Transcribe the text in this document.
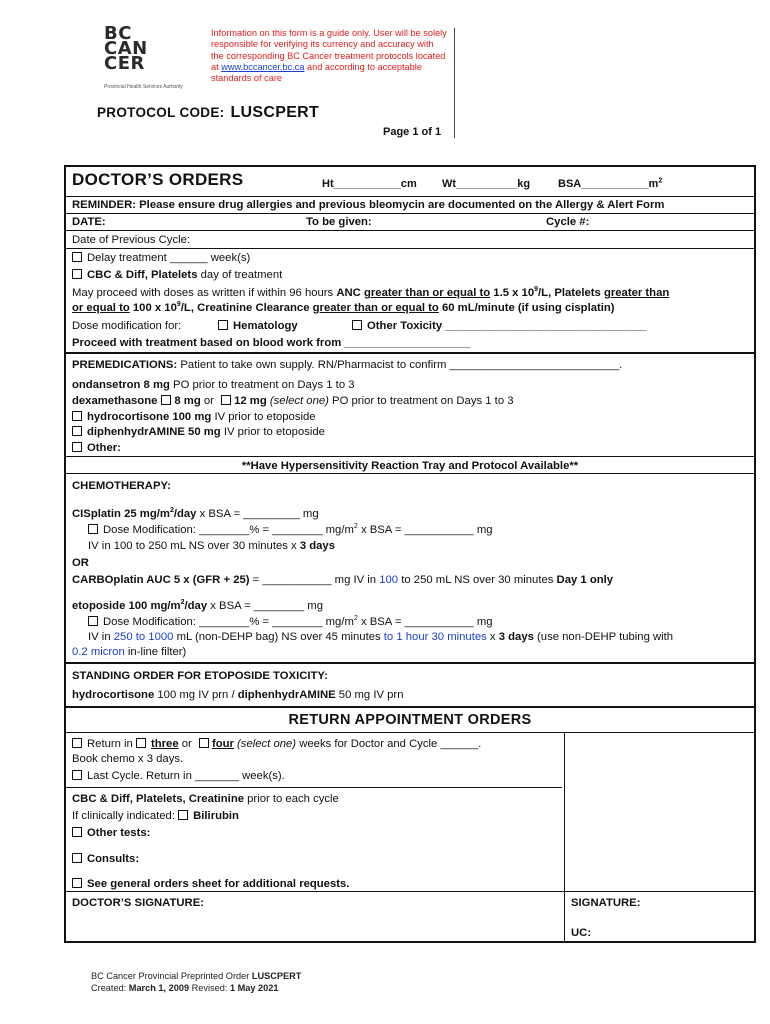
BC
CAN
CER
Provincial Health Services Authority
Information on this form is a guide only. User will be solely responsible for verifying its currency and accuracy with the corresponding BC Cancer treatment protocols located at www.bccancer.bc.ca and according to acceptable standards of care
PROTOCOL CODE: LUSCPERT
Page 1 of 1
DOCTOR’S ORDERS	Ht___________cm Wt__________kg	$BSA\_\_\_\_\_\_\_\_\_\_\_m^2$
REMINDER: Please ensure drug allergies and previous bleomycin are documented on the Allergy & Alert Form
DATE:	To be given:	Cycle #:
Date of Previous Cycle:
Delay treatment ______ week(s)
CBC & Diff, Platelets day of treatment
May proceed with doses as written if within 96 hours ANC greater than or equal to 1.5 x $10^9/L$, Platelets greater than
or equal to 100 x $10^9/L$, Creatinine Clearance greater than or equal to 60 mL/minute (if using cisplatin)
Dose modification for:	Hematology	Other Toxicity ________________________________
Proceed with treatment based on blood work from ____________________
PREMEDICATIONS: Patient to take own supply. RN/Pharmacist to confirm ___________________________.
ondansetron 8 mg PO prior to treatment on Days 1 to 3
dexamethasone 8 mg or 12 mg (select one) PO prior to treatment on Days 1 to 3
hydrocortisone 100 mg IV prior to etoposide
diphenhydrAMINE 50 mg IV prior to etoposide
Other:
**Have Hypersensitivity Reaction Tray and Protocol Available**
CHEMOTHERAPY:
CISplatin 25 $mg/m^2$/day x BSA = _________ mg
Dose Modification: ________% = ________ $mg/m^2$ x BSA = ___________ mg
IV in 100 to 250 mL NS over 30 minutes x 3 days
OR
CARBOplatin AUC 5 x (GFR + 25) = ___________ mg IV in 100 to 250 mL NS over 30 minutes Day 1 only
etoposide 100 $mg/m^2$/day x BSA = ________ mg
Dose Modification: ________% = ________ $mg/m^2$ x BSA = ___________ mg
IV in 250 to 1000 mL (non-DEHP bag) NS over 45 minutes to 1 hour 30 minutes x 3 days (use non-DEHP tubing with
0.2 micron in-line filter)
STANDING ORDER FOR ETOPOSIDE TOXICITY:
hydrocortisone 100 mg IV prn / diphenhydrAMINE 50 mg IV prn
RETURN APPOINTMENT ORDERS
Return in three or four (select one) weeks for Doctor and Cycle ______.
Book chemo x 3 days.
Last Cycle. Return in _______ week(s).
CBC & Diff, Platelets, Creatinine prior to each cycle
If clinically indicated: Bilirubin
Other tests:
Consults:
See general orders sheet for additional requests.
DOCTOR’S SIGNATURE:	SIGNATURE:
UC:
BC Cancer Provincial Preprinted Order LUSCPERT
Created: March 1, 2009 Revised: 1 May 2021
